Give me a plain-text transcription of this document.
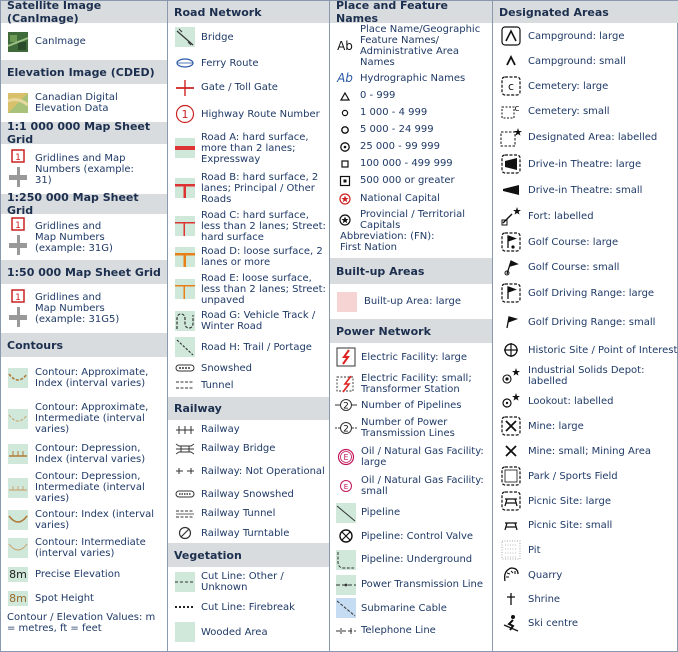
Satellite Image (CanImage)
CanImage
Elevation Image (CDED)
Canadian Digital Elevation Data
1:1 000 000 Map Sheet Grid
1 Gridlines and Map Numbers (example: 31)
1:250 000 Map Sheet Grid
1 Gridlines and Map Numbers (example: 31G)
1:50 000 Map Sheet Grid
1 Gridlines and Map Numbers (example: 31G5)
Contours
Contour: Approximate, Index (interval varies)
Contour: Approximate, Intermediate (interval varies)
Contour: Depression, Index (interval varies)
Contour: Depression, Intermediate (interval varies)
Contour: Index (interval varies)
Contour: Intermediate (interval varies)
8m Precise Elevation
8m Spot Height
Contour / Elevation Values: m = metres, ft = feet
Road Network
Bridge
Ferry Route
Gate / Toll Gate
1 Highway Route Number
Road A: hard surface, more than 2 lanes; Expressway
Road B: hard surface, 2 lanes; Principal / Other Roads
Road C: hard surface, less than 2 lanes; Street: hard surface
Road D: loose surface, 2 lanes or more
Road E: loose surface, less than 2 lanes; Street: unpaved
Road G: Vehicle Track / Winter Road
Road H: Trail / Portage
Snowshed
Tunnel
Railway
Railway
Railway Bridge
Railway: Not Operational
Railway Snowshed
Railway Tunnel
Railway Turntable
Vegetation
Cut Line: Other / Unknown
Cut Line: Firebreak
Wooded Area
Place and Feature Names
Ab
Place Name/Geographic Feature Names/ Administrative Area Names
Ab Hydrographic Names
0 - 999
1 000 - 4 999
5 000 - 24 999
25 000 - 99 999
100 000 - 499 999
500 000 or greater
National Capital
Provincial / Territorial Capitals
Abbreviation: (FN): First Nation
Built-up Areas
Built-up Area: large
Power Network
Electric Facility: large
Electric Facility: small; Transformer Station
2 Number of Pipelines
2
Number of Power Transmission Lines
E
Oil / Natural Gas Facility: large
E
Oil / Natural Gas Facility: small
Pipeline
Pipeline: Control Valve
Pipeline: Underground
Power Transmission Line
Submarine Cable
Telephone Line
Designated Areas
Campground: large
Campground: small
c Cemetery: large
c Cemetery: small
Designated Area: labelled
Drive-in Theatre: large
Drive-in Theatre: small
Fort: labelled
Golf Course: large
Golf Course: small
Golf Driving Range: large
Golf Driving Range: small
Historic Site / Point of Interest
Industrial Solids Depot: labelled
Lookout: labelled
Mine: large
Mine: small; Mining Area
Park / Sports Field
Picnic Site: large
Picnic Site: small
Pit
Quarry
Shrine
Ski centre
